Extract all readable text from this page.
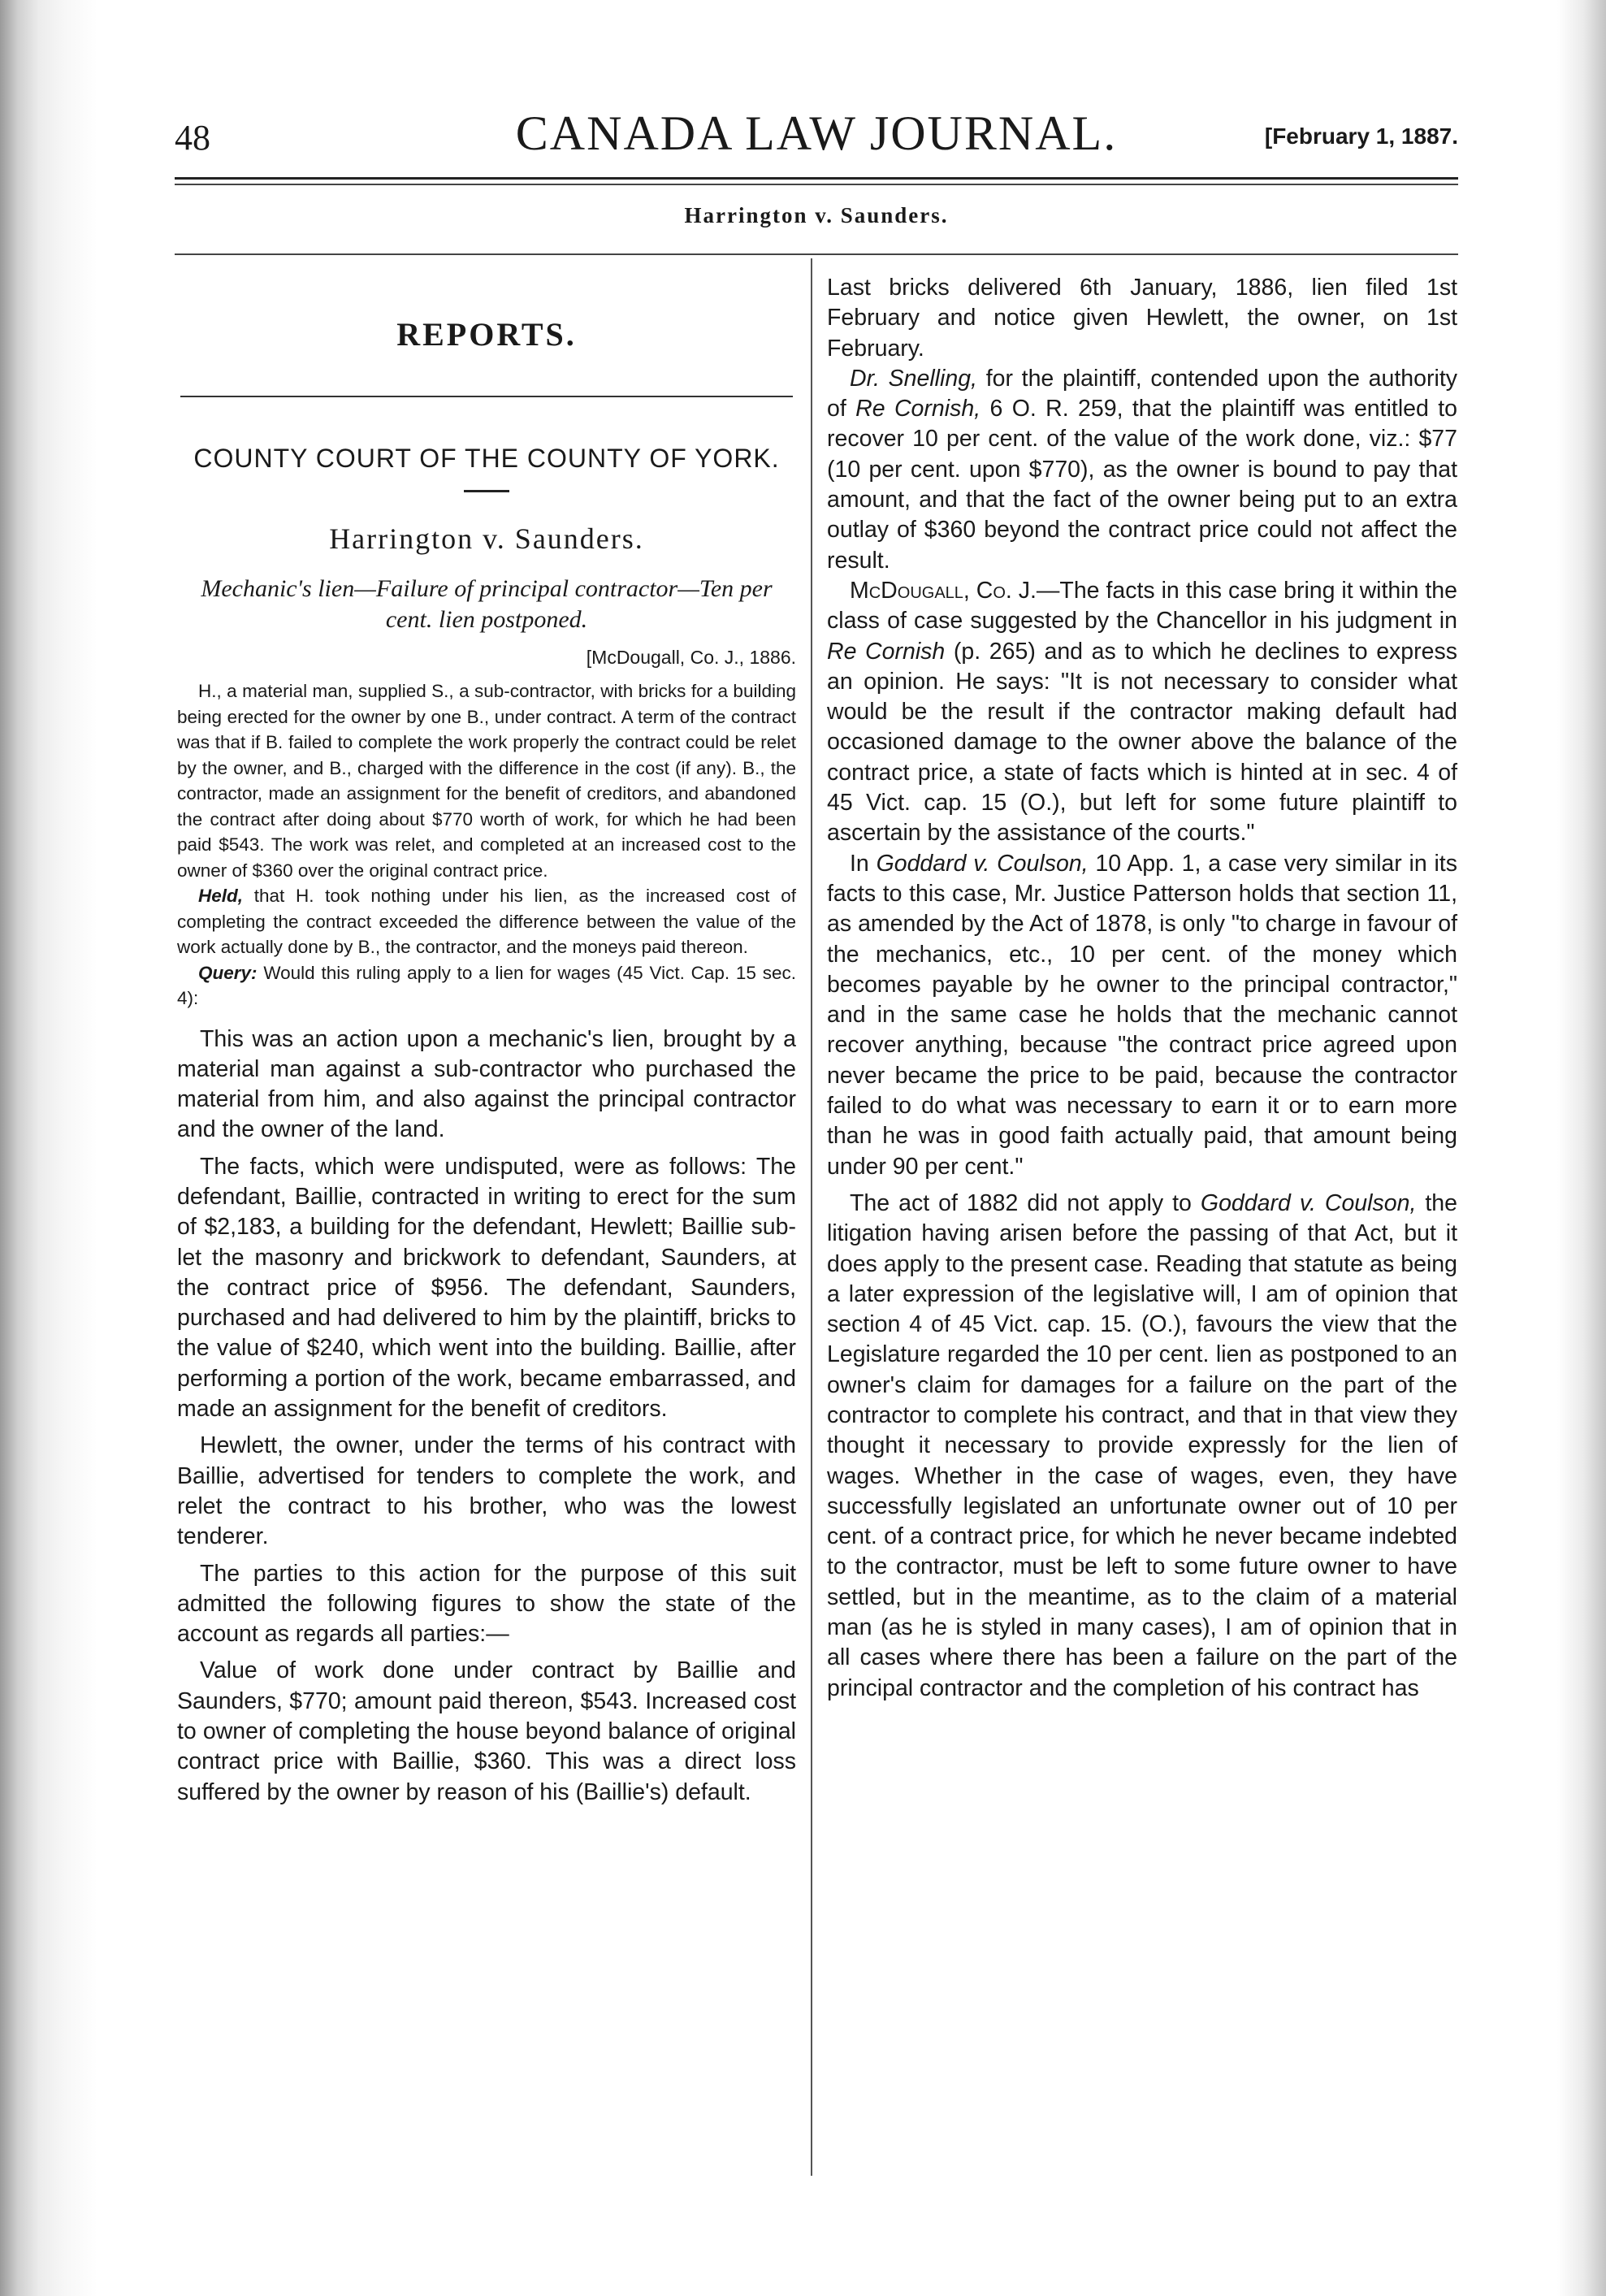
48	CANADA LAW JOURNAL.	[February 1, 1887.
Harrington v. Saunders.
REPORTS.
COUNTY COURT OF THE COUNTY OF YORK.
Harrington v. Saunders.
Mechanic's lien—Failure of principal contractor—Ten per cent. lien postponed.
[McDougall, Co. J., 1886.

H., a material man, supplied S., a sub-contractor, with bricks for a building being erected for the owner by one B., under contract. A term of the contract was that if B. failed to complete the work properly the contract could be relet by the owner, and B., charged with the difference in the cost (if any). B., the contractor, made an assignment for the benefit of creditors, and abandoned the contract after doing about $770 worth of work, for which he had been paid $543. The work was relet, and completed at an increased cost to the owner of $360 over the original contract price.

Held, that H. took nothing under his lien, as the increased cost of completing the contract exceeded the difference between the value of the work actually done by B., the contractor, and the moneys paid thereon.

Query: Would this ruling apply to a lien for wages (45 Vict. Cap. 15 sec. 4):

This was an action upon a mechanic's lien, brought by a material man against a sub-contractor who purchased the material from him, and also against the principal contractor and the owner of the land.

The facts, which were undisputed, were as follows: The defendant, Baillie, contracted in writing to erect for the sum of $2,183, a building for the defendant, Hewlett; Baillie sub-let the masonry and brickwork to defendant, Saunders, at the contract price of $956. The defendant, Saunders, purchased and had delivered to him by the plaintiff, bricks to the value of $240, which went into the building. Baillie, after performing a portion of the work, became embarrassed, and made an assignment for the benefit of creditors.

Hewlett, the owner, under the terms of his contract with Baillie, advertised for tenders to complete the work, and relet the contract to his brother, who was the lowest tenderer.

The parties to this action for the purpose of this suit admitted the following figures to show the state of the account as regards all parties:—

Value of work done under contract by Baillie and Saunders, $770; amount paid thereon, $543. Increased cost to owner of completing the house beyond balance of original contract price with Baillie, $360. This was a direct loss suffered by the owner by reason of his (Baillie's) default.

Last bricks delivered 6th January, 1886, lien filed 1st February and notice given Hewlett, the owner, on 1st February.

Dr. Snelling, for the plaintiff, contended upon the authority of Re Cornish, 6 O. R. 259, that the plaintiff was entitled to recover 10 per cent. of the value of the work done, viz.: $77 (10 per cent. upon $770), as the owner is bound to pay that amount, and that the fact of the owner being put to an extra outlay of $360 beyond the contract price could not affect the result.

McDougall, Co. J.—The facts in this case bring it within the class of case suggested by the Chancellor in his judgment in Re Cornish (p. 265) and as to which he declines to express an opinion. He says: "It is not necessary to consider what would be the result if the contractor making default had occasioned damage to the owner above the balance of the contract price, a state of facts which is hinted at in sec. 4 of 45 Vict. cap. 15 (O.), but left for some future plaintiff to ascertain by the assistance of the courts."

In Goddard v. Coulson, 10 App. 1, a case very similar in its facts to this case, Mr. Justice Patterson holds that section 11, as amended by the Act of 1878, is only "to charge in favour of the mechanics, etc., 10 per cent. of the money which becomes payable by he owner to the principal contractor," and in the same case he holds that the mechanic cannot recover anything, because "the contract price agreed upon never became the price to be paid, because the contractor failed to do what was necessary to earn it or to earn more than he was in good faith actually paid, that amount being under 90 per cent."

The act of 1882 did not apply to Goddard v. Coulson, the litigation having arisen before the passing of that Act, but it does apply to the present case. Reading that statute as being a later expression of the legislative will, I am of opinion that section 4 of 45 Vict. cap. 15. (O.), favours the view that the Legislature regarded the 10 per cent. lien as postponed to an owner's claim for damages for a failure on the part of the contractor to complete his contract, and that in that view they thought it necessary to provide expressly for the lien of wages. Whether in the case of wages, even, they have successfully legislated an unfortunate owner out of 10 per cent. of a contract price, for which he never became indebted to the contractor, must be left to some future owner to have settled, but in the meantime, as to the claim of a material man (as he is styled in many cases), I am of opinion that in all cases where there has been a failure on the part of the principal contractor and the completion of his contract has
